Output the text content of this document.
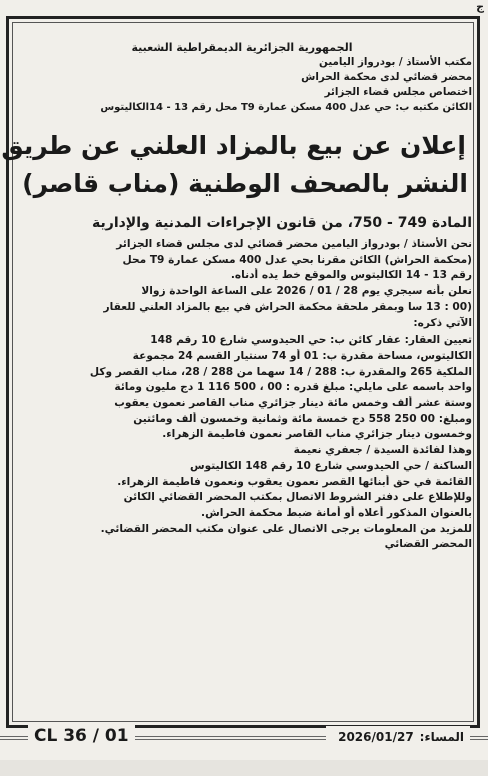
ج
الجمهورية الجزائرية الديمقراطية الشعبية
مكتب الأستاذ / بودرواز اليامين
محضر قضائي لدى محكمة الحراش
اختصاص مجلس قضاء الجزائر
الكائن مكتبه ب: حي عدل 400 مسكن عمارة T9 محل رقم 13 - 14الكاليتوس
إعلان عن بيع بالمزاد العلني عن طريق
النشر بالصحف الوطنية (مناب قاصر)
المادة 749 - 750، من قانون الإجراءات المدنية والإدارية
نحن الأستاذ / بودرواز اليامين محضر قضائي لدى مجلس قضاء الجزائر
(محكمة الحراش) الكائن مقرنا بحي عدل 400 مسكن عمارة T9 محل
رقم 13 - 14 الكاليتوس والموقع خط يده أدناه.
نعلن بأنه سيجري يوم 28 / 01 / 2026 على الساعة الواحدة زوالا
(00 : 13 سا وبمقر ملحقة محكمة الحراش في بيع بالمزاد العلني للعقار
الآتي ذكره:
تعيين العقار: عقار كائن ب: حي الحيدوسي شارع 10 رقم 148
الكاليتوس، مساحة مقدرة ب: 01 أو 74 سنتيار القسم 24 مجموعة
الملكية 265 والمقدرة ب: 288 / 14 سهما من 288 / 28، مناب القصر وكل
واحد باسمه على مايلي: مبلغ قدره : 00 ، 500 116 1 دج مليون ومائة
وستة عشر ألف وخمس مائة دينار جزائري مناب القاصر نعمون يعقوب
ومبلغ: 00 250 558 دج خمسة مائة وثمانية وخمسون ألف ومائتين
وخمسون دينار جزائري مناب القاصر نعمون فاطيمة الزهراء.
وهذا لفائدة السيدة / جعفري نعيمة
الساكنة / حي الحيدوسي شارع 10 رقم 148 الكاليتوس
القائمة في حق أبنائها القصر نعمون يعقوب ونعمون فاطيمة الزهراء.
وللإطلاع على دفتر الشروط الاتصال بمكتب المحضر القضائي الكائن
بالعنوان المذكور أعلاه أو أمانة ضبط محكمة الحراش.
للمزيد من المعلومات يرجى الاتصال على عنوان مكتب المحضر القضائي.
المحضر القضائي
CL 36 / 01	المساء:2026/01/27
